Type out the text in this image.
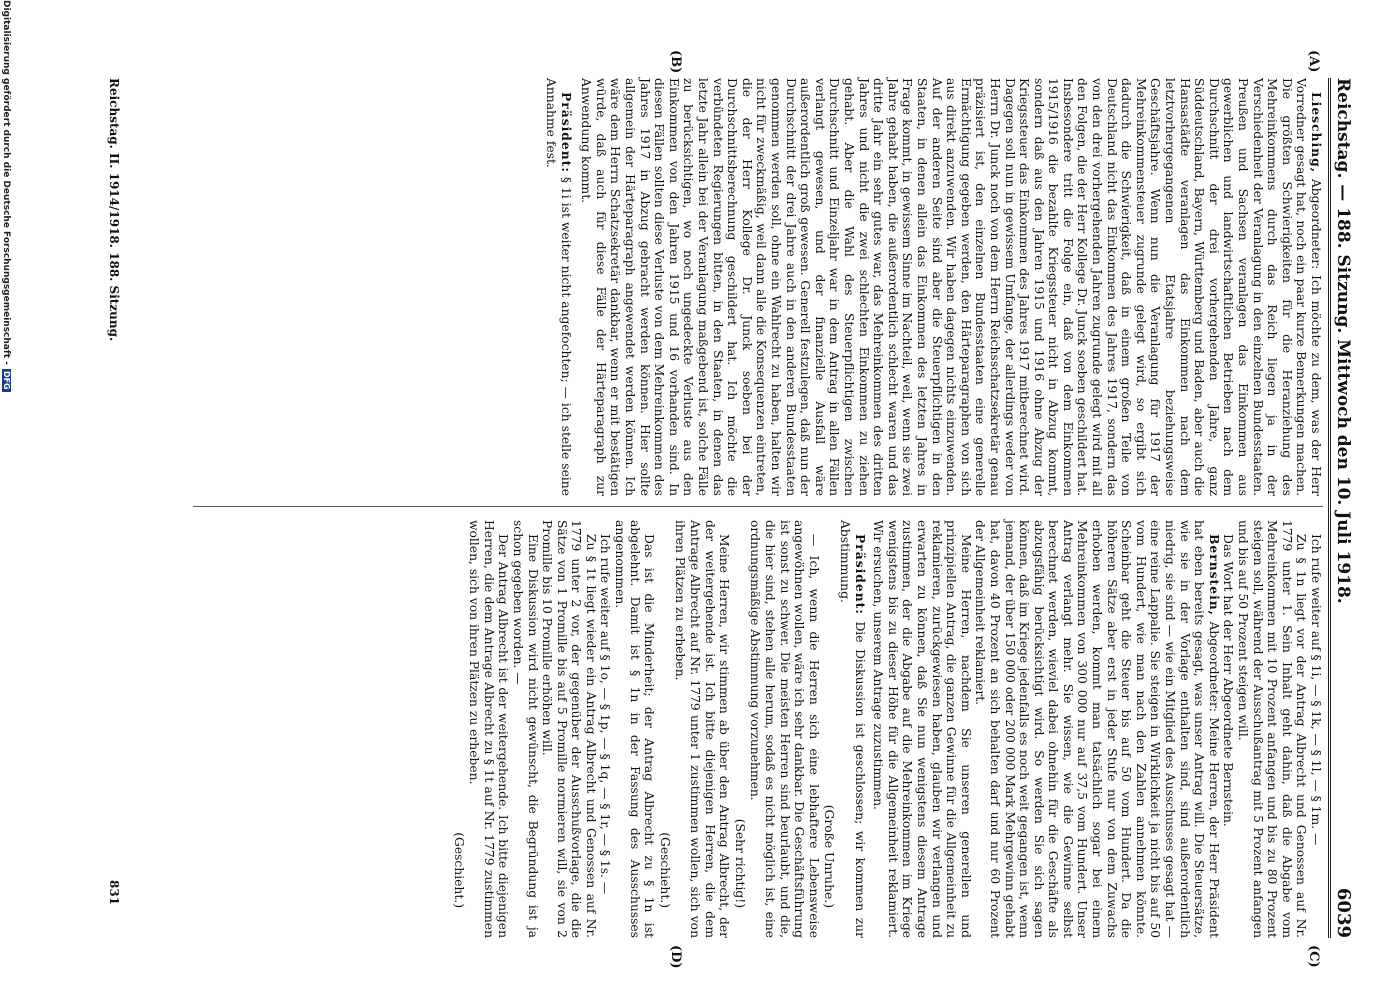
Reichstag. — 188. Sitzung. Mittwoch den 10. Juli 1918.
6039
(A)
(B)
(C)
(D)

Liesching, Abgeordneter: Ich möchte zu dem, was der Herr Vorredner gesagt hat, noch ein paar kurze Bemerkungen machen. Die größten Schwierigkeiten für die Heranziehung des Mehreinkommens durch das Reich liegen ja in der Verschiedenheit der Veranlagung in den einzelnen Bundesstaaten. Preußen und Sachsen veranlagen das Einkommen aus gewerblichen und landwirtschaftlichen Betrieben nach dem Durchschnitt der drei vorhergehenden Jahre, ganz Süddeutschland, Bayern, Württemberg und Baden, aber auch die Hansastädte veranlagen das Einkommen nach dem letztvorhergegangenen Etatsjahre beziehungsweise Geschäftsjahre. Wenn nun die Veranlagung für 1917 der Mehreinkommensteuer zugrunde gelegt wird, so ergibt sich dadurch die Schwierigkeit, daß in einem großen Teile von Deutschland nicht das Einkommen des Jahres 1917, sondern das von den drei vorhergehenden Jahren zugrunde gelegt wird mit all den Folgen, die der Herr Kollege Dr. Junck soeben geschildert hat. Insbesondere tritt die Folge ein, daß von dem Einkommen 1915/1916 die bezahlte Kriegssteuer nicht in Abzug kommt, sondern daß aus den Jahren 1915 und 1916 ohne Abzug der Kriegssteuer das Einkommen des Jahres 1917 mitberechnet wird. Dagegen soll nun in gewissem Umfange, der allerdings weder von Herrn Dr. Junck noch von dem Herrn Reichsschatzsekretär genau präzisiert ist, den einzelnen Bundesstaaten eine generelle Ermächtigung gegeben werden, den Härteparagraphen von sich aus direkt anzuwenden. Wir haben dagegen nichts einzuwenden. Auf der anderen Seite sind aber die Steuerpflichtigen in den Staaten, in denen allein das Einkommen des letzten Jahres in Frage kommt, in gewissem Sinne im Nachteil, weil, wenn sie zwei Jahre gehabt haben, die außerordentlich schlecht waren und das dritte Jahr ein sehr gutes war, das Mehreinkommen des dritten Jahres und nicht die zwei schlechten Einkommen zu ziehen gehabt. Aber die Wahl des Steuerpflichtigen zwischen Durchschnitt und Einzeljahr war in dem Antrag in allen Fällen verlangt gewesen, und der finanzielle Ausfall wäre außerordentlich groß gewesen. Generell festzulegen, daß nun der Durchschnitt der drei Jahre auch in den anderen Bundesstaaten genommen werden soll, ohne ein Wahlrecht zu haben, halten wir nicht für zweckmäßig, weil dann alle die Konsequenzen eintreten, die der Herr Kollege Dr. Junck soeben bei der Durchschnittsberechnung geschildert hat. Ich möchte die verbündeten Regierungen bitten, in den Staaten, in denen das letzte Jahr allein bei der Veranlagung maßgebend ist, solche Fälle zu berücksichtigen, wo noch ungedeckte Verluste aus den Einkommen von den Jahren 1915 und 16 vorhanden sind. In diesen Fällen sollten diese Verluste von dem Mehreinkommen des Jahres 1917 in Abzug gebracht werden können. Hier sollte allgemein der Härteparagraph angewendet werden können. Ich wäre dem Herrn Schatzsekretär dankbar, wenn er mit bestätigen würde, daß auch für diese Fälle der Härteparagraph zur Anwendung kommt.

Präsident: § 1i ist weiter nicht angefochten; — ich stelle seine Annahme fest.

Ich rufe weiter auf § 1i, — § 1k, — § 1l, — § 1m. —

Zu § 1n liegt vor der Antrag Albrecht und Genossen auf Nr. 1779 unter 1. Sein Inhalt geht dahin, daß die Abgabe vom Mehreinkommen mit 10 Prozent anfangen und bis zu 80 Prozent steigen soll, während der Ausschußantrag mit 5 Prozent anfangen und bis auf 50 Prozent steigen will.

Das Wort hat der Herr Abgeordnete Bernstein.

Bernstein, Abgeordneter: Meine Herren, der Herr Präsident hat eben bereits gesagt, was unser Antrag will. Die Steuersätze, wie sie in der Vorlage enthalten sind, sind außerordentlich niedrig, sie sind — wie ein Mitglied des Ausschusses gesagt hat — eine reine Lappalie. Sie steigen in Wirklichkeit ja nicht bis auf 50 vom Hundert, wie man nach den Zahlen annehmen könnte. Scheinbar geht die Steuer bis auf 50 vom Hundert. Da die höheren Sätze aber erst in jeder Stufe nur von dem Zuwachs erhoben werden, kommt man tatsächlich sogar bei einem Mehreinkommen von 300 000 nur auf 37,5 vom Hundert. Unser Antrag verlangt mehr. Sie wissen, wie die Gewinne selbst berechnet werden, wieviel dabei ohnehin für die Geschäfte als abzugsfähig berücksichtigt wird. So werden Sie sich sagen können, daß im Kriege jedenfalls es noch weit gegangen ist, wenn jemand, der über 150 000 oder 200 000 Mark Mehrgewinn gehabt hat, davon 40 Prozent an sich behalten darf und nur 60 Prozent der Allgemeinheit reklamiert.

Meine Herren, nachdem Sie unseren generellen und prinzipiellen Antrag, die ganzen Gewinne für die Allgemeinheit zu reklamieren, zurückgewiesen haben, glauben wir verlangen und erwarten zu können, daß Sie nun wenigstens diesem Antrage zustimmen, der die Abgabe auf die Mehreinkommen im Kriege wenigstens bis zu dieser Höhe für die Allgemeinheit reklamiert. Wir ersuchen, unserem Antrage zuzustimmen.

Präsident: Die Diskussion ist geschlossen; wir kommen zur Abstimmung.

(Große Unruhe.)

— Ich, wenn die Herren sich eine lebhaftere Lebensweise angewöhnen wollen, wäre ich sehr dankbar. Die Geschäftsführung ist sonst zu schwer. Die meisten Herren sind beurlaubt, und die, die hier sind, stehen alle herum, sodaß es nicht möglich ist, eine ordnungsmäßige Abstimmung vorzunehmen.

(Sehr richtig!)

Meine Herren, wir stimmen ab über den Antrag Albrecht, der der weitergehende ist. Ich bitte diejenigen Herren, die dem Antrage Albrecht auf Nr. 1779 unter 1 zustimmen wollen, sich von ihren Plätzen zu erheben.

(Geschieht.)

Das ist die Minderheit; der Antrag Albrecht zu § 1n ist abgelehnt. Damit ist § 1n in der Fassung des Ausschusses angenommen.

Ich rufe weiter auf § 1o, — § 1p, — § 1q, — § 1r, — § 1s. —

Zu § 1t liegt wieder ein Antrag Albrecht und Genossen auf Nr. 1779 unter 2 vor, der gegenüber der Ausschußvorlage, die die Sätze von 1 Promille bis auf 5 Promille normieren will, sie von 2 Promille bis 10 Promille erhöhen will.

Eine Diskussion wird nicht gewünscht, die Begründung ist ja schon gegeben worden. —

Der Antrag Albrecht ist der weitergehende. Ich bitte diejenigen Herren, die dem Antrage Albrecht zu § 1t auf Nr. 1779 zustimmen wollen, sich von ihren Plätzen zu erheben.

(Geschieht.)

Reichstag. II. 1914/1918. 188. Sitzung.
831
Digitalisierung gefördert durch die Deutsche Forschungsgemeinschaft -DFG
